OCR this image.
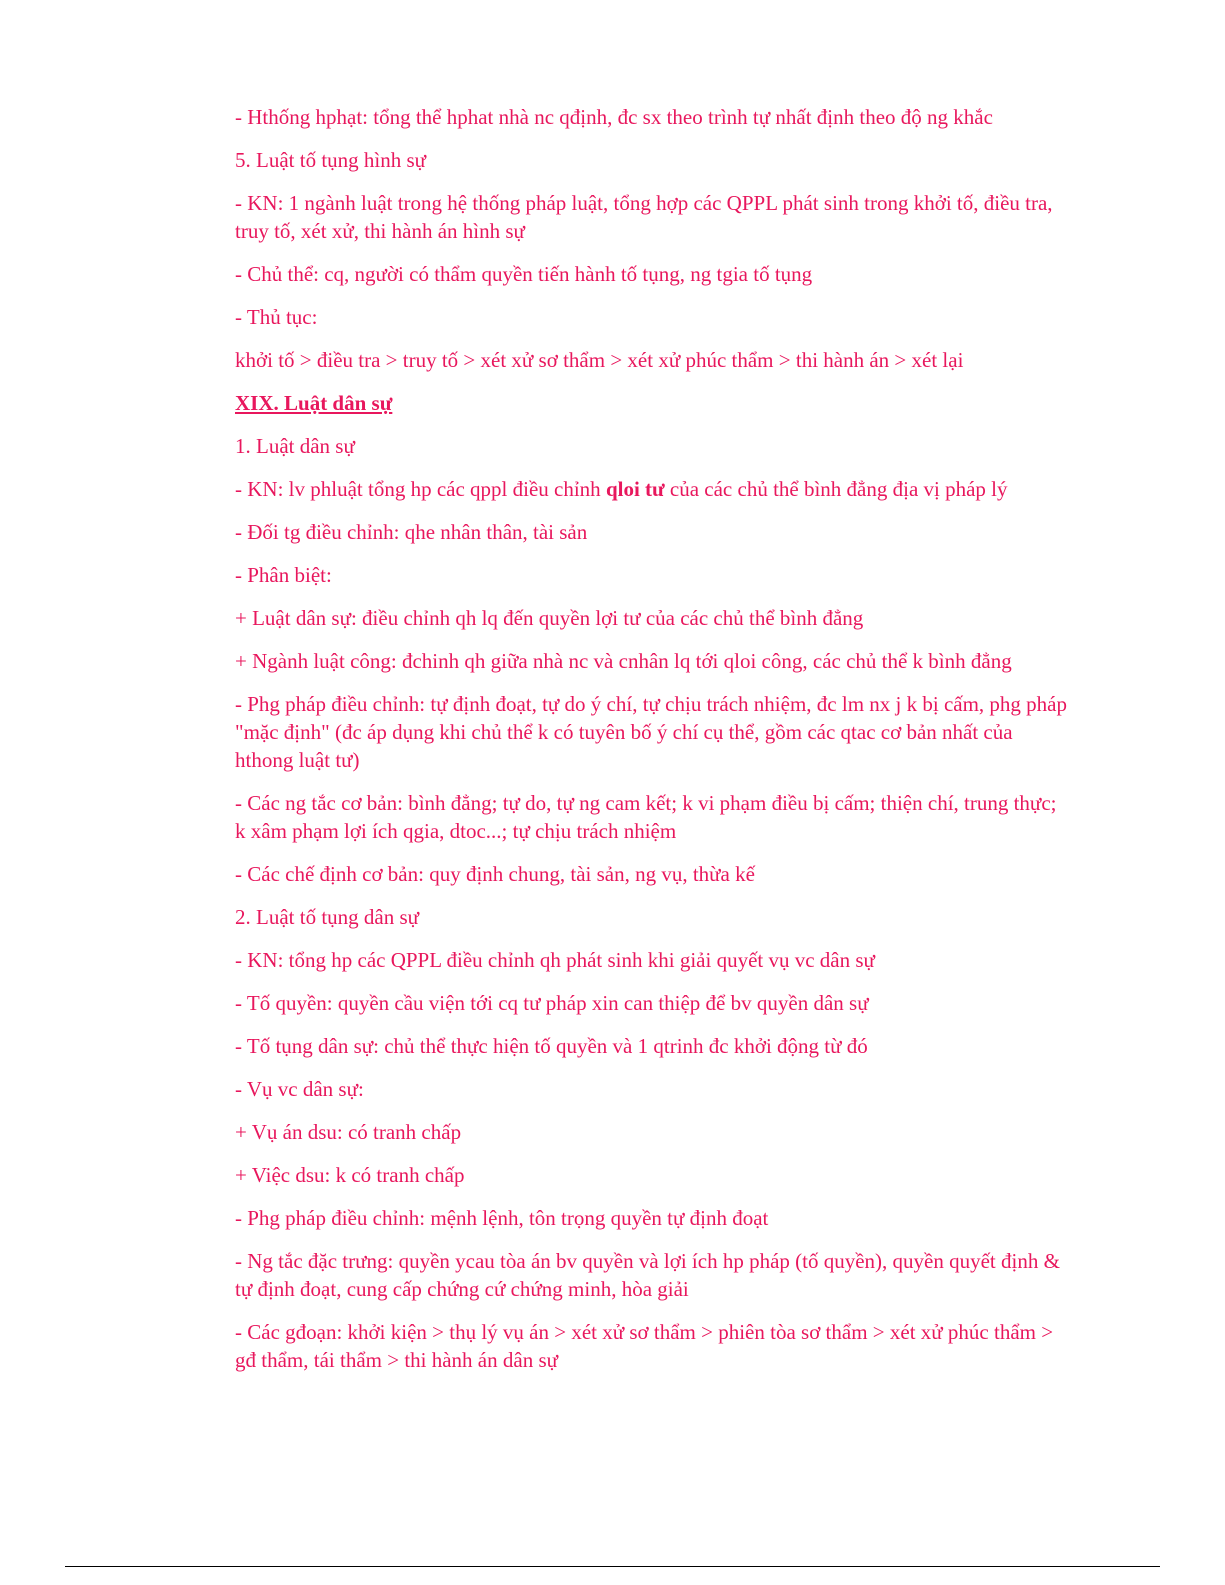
- Hthống hphạt: tổng thể hphat nhà nc qđịnh, đc sx theo trình tự nhất định theo độ ng khắc

5. Luật tố tụng hình sự

- KN: 1 ngành luật trong hệ thống pháp luật, tổng hợp các QPPL phát sinh trong khởi tố, điều tra, truy tố, xét xử, thi hành án hình sự

- Chủ thể: cq, người có thẩm quyền tiến hành tố tụng, ng tgia tố tụng

- Thủ tục:

khởi tố > điều tra > truy tố > xét xử sơ thẩm > xét xử phúc thẩm > thi hành án > xét lại

XIX. Luật dân sự

1. Luật dân sự

- KN: lv phluật tổng hp các qppl điều chỉnh qloi tư của các chủ thể bình đẳng địa vị pháp lý

- Đối tg điều chỉnh: qhe nhân thân, tài sản

- Phân biệt:

+ Luật dân sự: điều chỉnh qh lq đến quyền lợi tư của các chủ thể bình đẳng

+ Ngành luật công: đchinh qh giữa nhà nc và cnhân lq tới qloi công, các chủ thể k bình đẳng

- Phg pháp điều chỉnh: tự định đoạt, tự do ý chí, tự chịu trách nhiệm, đc lm nx j k bị cấm, phg pháp "mặc định" (đc áp dụng khi chủ thể k có tuyên bố ý chí cụ thể, gồm các qtac cơ bản nhất của hthong luật tư)

- Các ng tắc cơ bản: bình đẳng; tự do, tự ng cam kết; k vi phạm điều bị cấm; thiện chí, trung thực; k xâm phạm lợi ích qgia, dtoc...; tự chịu trách nhiệm

- Các chế định cơ bản: quy định chung, tài sản, ng vụ, thừa kế

2. Luật tố tụng dân sự

- KN: tổng hp các QPPL điều chỉnh qh phát sinh khi giải quyết vụ vc dân sự

- Tố quyền: quyền cầu viện tới cq tư pháp xin can thiệp để bv quyền dân sự

- Tố tụng dân sự: chủ thể thực hiện tố quyền và 1 qtrinh đc khởi động từ đó

- Vụ vc dân sự:

+ Vụ án dsu: có tranh chấp

+ Việc dsu: k có tranh chấp

- Phg pháp điều chỉnh: mệnh lệnh, tôn trọng quyền tự định đoạt

- Ng tắc đặc trưng: quyền ycau tòa án bv quyền và lợi ích hp pháp (tố quyền), quyền quyết định & tự định đoạt, cung cấp chứng cứ chứng minh, hòa giải

- Các gđoạn: khởi kiện > thụ lý vụ án > xét xử sơ thẩm > phiên tòa sơ thẩm > xét xử phúc thẩm > gđ thẩm, tái thẩm > thi hành án dân sự
